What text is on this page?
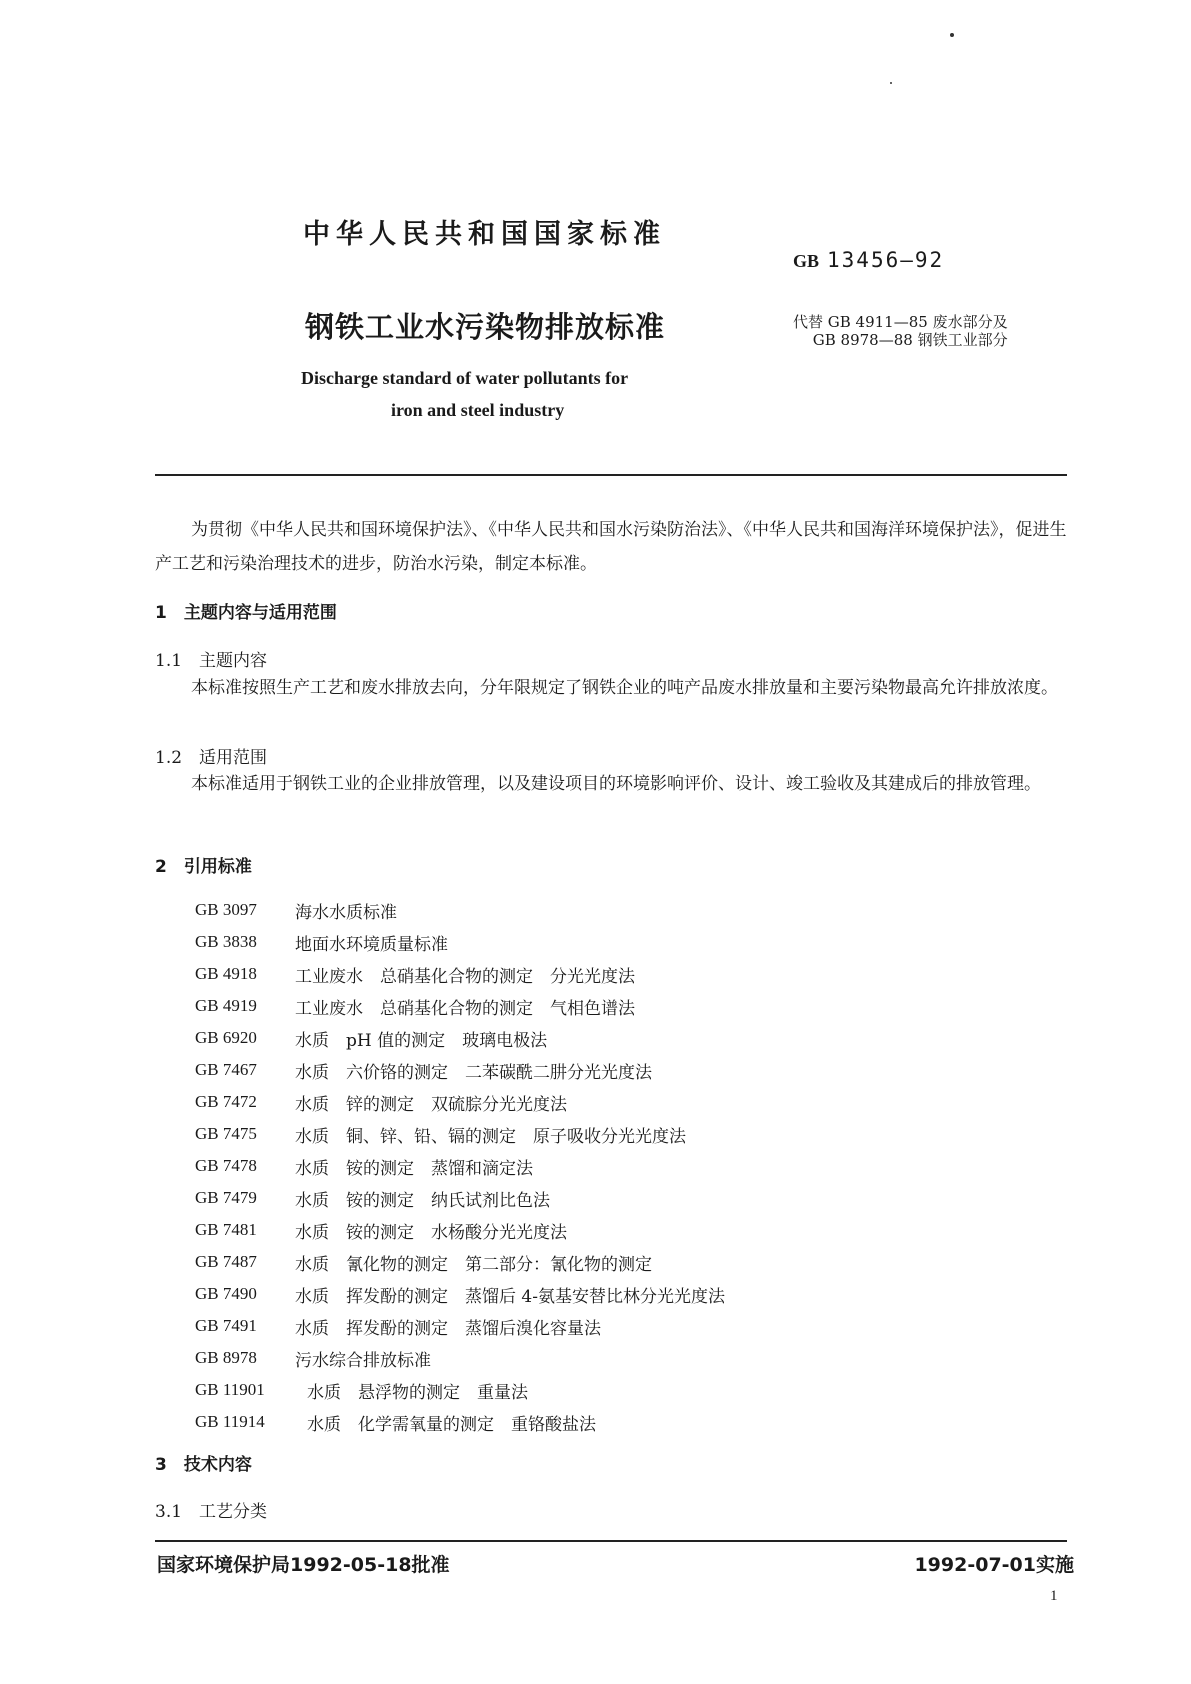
中华人民共和国国家标准
GB 13456—92
钢铁工业水污染物排放标准	代替 GB 4911—85 废水部分及
GB 8978—88 钢铁工业部分
Discharge standard of water pollutants for
iron and steel industry
为贯彻《中华人民共和国环境保护法》、《中华人民共和国水污染防治法》、《中华人民共和国海洋环境保护法》，促进生产工艺和污染治理技术的进步，防治水污染，制定本标准。
1　主题内容与适用范围
1.1　主题内容
本标准按照生产工艺和废水排放去向，分年限规定了钢铁企业的吨产品废水排放量和主要污染物最高允许排放浓度。
1.2　适用范围
本标准适用于钢铁工业的企业排放管理，以及建设项目的环境影响评价、设计、竣工验收及其建成后的排放管理。
2　引用标准
GB 3097	海水水质标准
GB 3838	地面水环境质量标准
GB 4918	工业废水　总硝基化合物的测定　分光光度法
GB 4919	工业废水　总硝基化合物的测定　气相色谱法
GB 6920	水质　pH 值的测定　玻璃电极法
GB 7467	水质　六价铬的测定　二苯碳酰二肼分光光度法
GB 7472	水质　锌的测定　双硫腙分光光度法
GB 7475	水质　铜、锌、铅、镉的测定　原子吸收分光光度法
GB 7478	水质　铵的测定　蒸馏和滴定法
GB 7479	水质　铵的测定　纳氏试剂比色法
GB 7481	水质　铵的测定　水杨酸分光光度法
GB 7487	水质　氰化物的测定　第二部分：氰化物的测定
GB 7490	水质　挥发酚的测定　蒸馏后 4-氨基安替比林分光光度法
GB 7491	水质　挥发酚的测定　蒸馏后溴化容量法
GB 8978	污水综合排放标准
GB 11901	水质　悬浮物的测定　重量法
GB 11914	水质　化学需氧量的测定　重铬酸盐法
3　技术内容
3.1　工艺分类
国家环境保护局1992-05-18批准	1992-07-01实施
1
